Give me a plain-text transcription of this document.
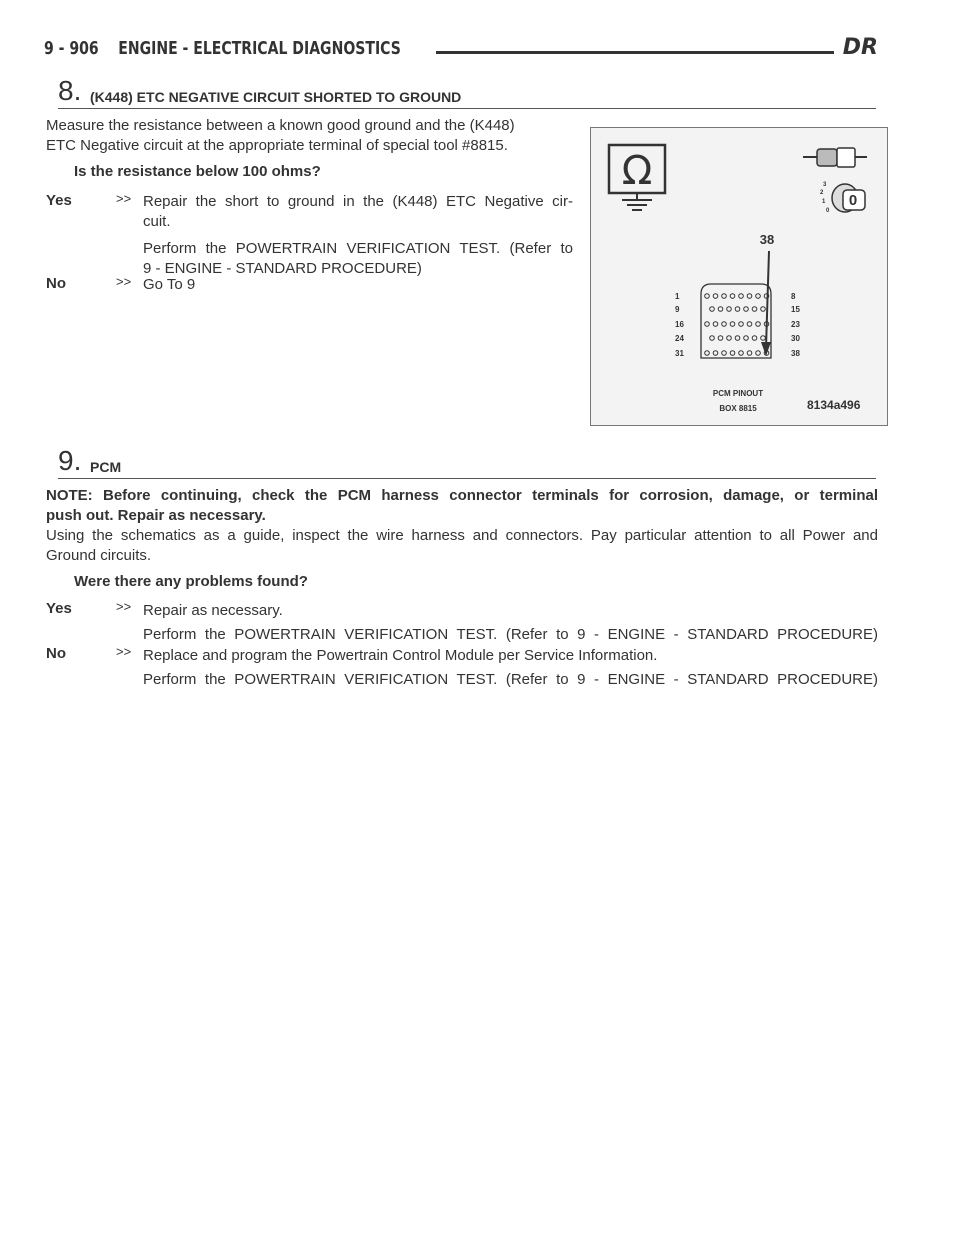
9 - 906    ENGINE - ELECTRICAL DIAGNOSTICS	DR
8. (K448) ETC NEGATIVE CIRCUIT SHORTED TO GROUND
Measure the resistance between a known good ground and the (K448)
ETC Negative circuit at the appropriate terminal of special tool #8815.
Is the resistance below 100 ohms?
Yes	>> Repair the short to ground in the (K448) ETC Negative cir-
cuit.
Perform the POWERTRAIN VERIFICATION TEST. (Refer to
9 - ENGINE - STANDARD PROCEDURE)
No	>> Go To 9
Ω
0
3
2
1
0
38
1	8
9	15
16	23
24	30
31	38
PCM PINOUT
BOX 8815	8134a496
9. PCM
NOTE: Before continuing, check the PCM harness connector terminals for corrosion, damage, or terminal
push out. Repair as necessary.
Using the schematics as a guide, inspect the wire harness and connectors. Pay particular attention to all Power and
Ground circuits.
Were there any problems found?
Yes	>> Repair as necessary.
Perform the POWERTRAIN VERIFICATION TEST. (Refer to 9 - ENGINE - STANDARD PROCEDURE)
No	>> Replace and program the Powertrain Control Module per Service Information.
Perform the POWERTRAIN VERIFICATION TEST. (Refer to 9 - ENGINE - STANDARD PROCEDURE)
